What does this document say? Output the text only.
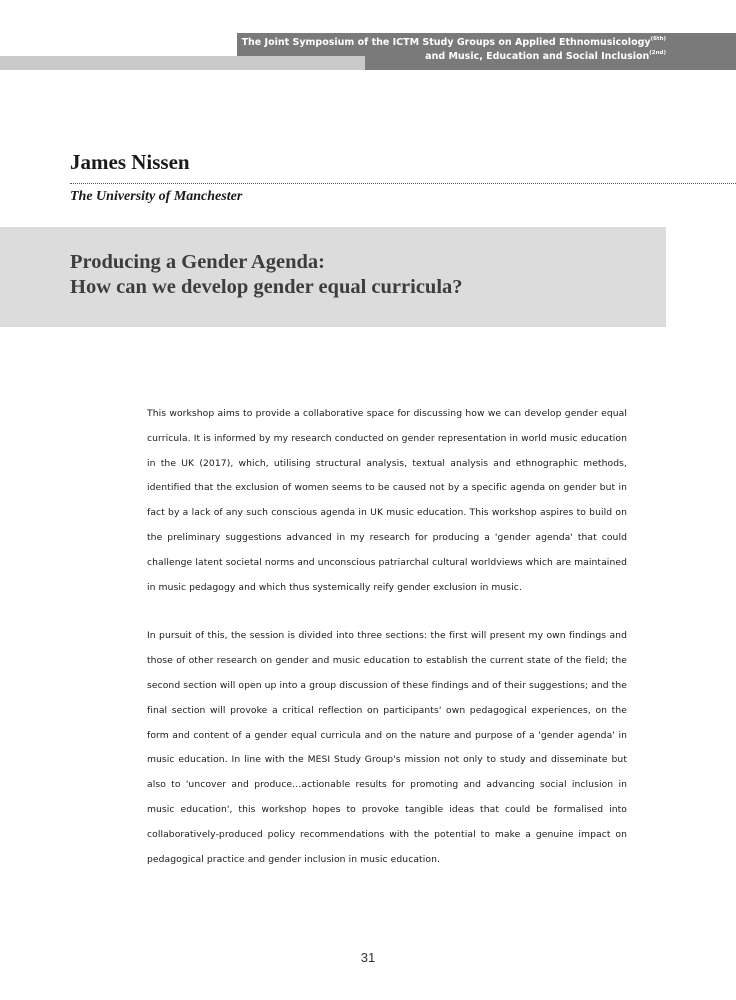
The Joint Symposium of the ICTM Study Groups on Applied Ethnomusicology$^{(6th)}$
and Music, Education and Social Inclusion$^{(2nd)}$
James Nissen
The University of Manchester
Producing a Gender Agenda:
How can we develop gender equal curricula?

This workshop aims to provide a collaborative space for discussing how we can develop gender equal curricula. It is informed by my research conducted on gender representation in world music education in the UK (2017), which, utilising structural analysis, textual analysis and ethnographic methods, identified that the exclusion of women seems to be caused not by a specific agenda on gender but in fact by a lack of any such conscious agenda in UK music education. This workshop aspires to build on the preliminary suggestions advanced in my research for producing a 'gender agenda' that could challenge latent societal norms and unconscious patriarchal cultural worldviews which are maintained in music pedagogy and which thus systemically reify gender exclusion in music.

In pursuit of this, the session is divided into three sections: the first will present my own findings and those of other research on gender and music education to establish the current state of the field; the second section will open up into a group discussion of these findings and of their suggestions; and the final section will provoke a critical reflection on participants' own pedagogical experiences, on the form and content of a gender equal curricula and on the nature and purpose of a 'gender agenda' in music education. In line with the MESI Study Group's mission not only to study and disseminate but also to 'uncover and produce…actionable results for promoting and advancing social inclusion in music education', this workshop hopes to provoke tangible ideas that could be formalised into collaboratively-produced policy recommendations with the potential to make a genuine impact on pedagogical practice and gender inclusion in music education.

31
